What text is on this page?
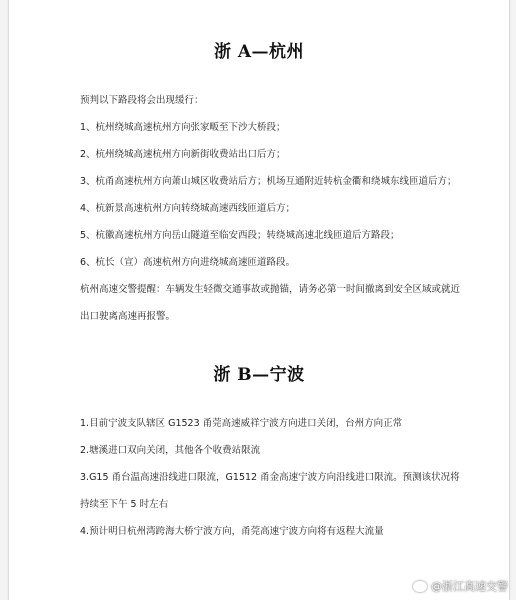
浙 A—杭州
预判以下路段将会出现缓行：
1、杭州绕城高速杭州方向张家畈至下沙大桥段；
2、杭州绕城高速杭州方向新街收费站出口后方；
3、杭甬高速杭州方向萧山城区收费站后方；机场互通附近转杭金衢和绕城东线匝道后方；
4、杭新景高速杭州方向转绕城高速西线匝道后方；
5、杭徽高速杭州方向岳山隧道至临安西段；转绕城高速北线匝道后方路段；
6、杭长（宣）高速杭州方向进绕城高速匝道路段。
杭州高速交警提醒：车辆发生轻微交通事故或抛锚，请务必第一时间撤离到安全区域或就近
出口驶离高速再报警。
浙 B—宁波
1.目前宁波支队辖区 G1523 甬莞高速威祥宁波方向进口关闭，台州方向正常
2.塘溪进口双向关闭，其他各个收费站限流
3.G15 甬台温高速沿线进口限流，G1512 甬金高速宁波方向沿线进口限流。预测该状况将
持续至下午 5 时左右
4.预计明日杭州湾跨海大桥宁波方向，甬莞高速宁波方向将有返程大流量
@浙江高速交警
